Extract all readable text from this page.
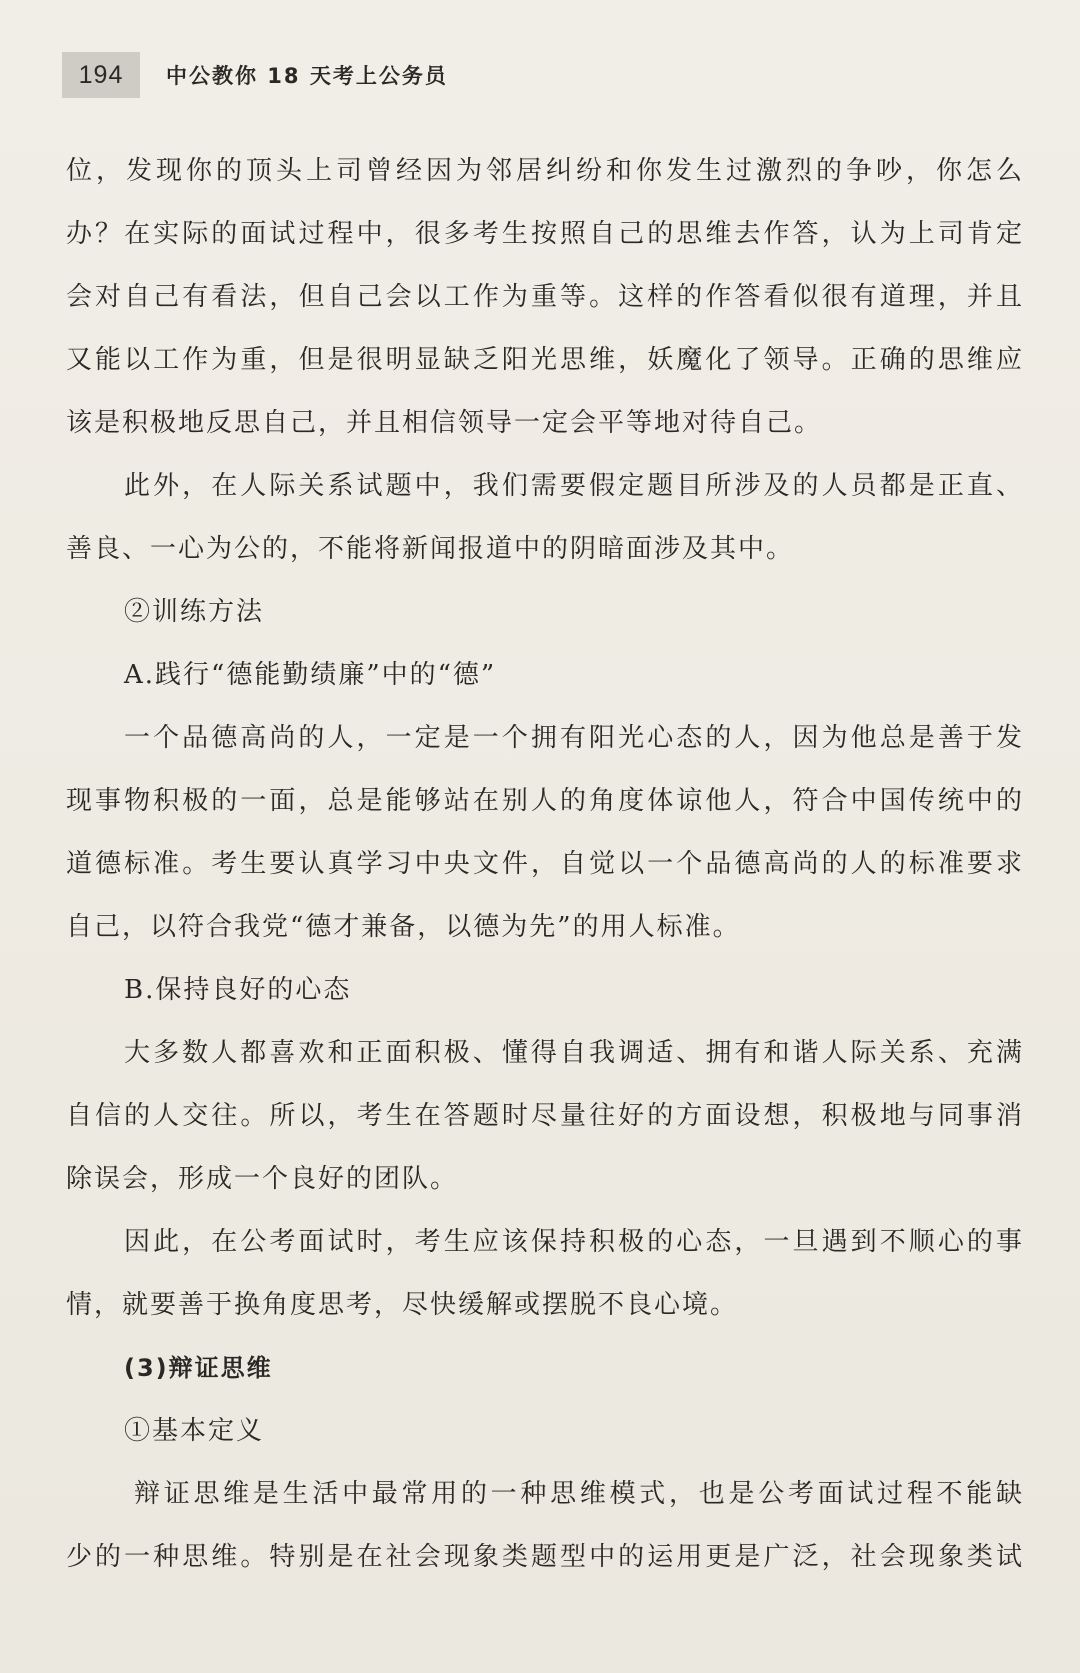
194	中公教你 18 天考上公务员
位，发现你的顶头上司曾经因为邻居纠纷和你发生过激烈的争吵，你怎么
办？在实际的面试过程中，很多考生按照自己的思维去作答，认为上司肯定
会对自己有看法，但自己会以工作为重等。这样的作答看似很有道理，并且
又能以工作为重，但是很明显缺乏阳光思维，妖魔化了领导。正确的思维应
该是积极地反思自己，并且相信领导一定会平等地对待自己。
此外，在人际关系试题中，我们需要假定题目所涉及的人员都是正直、
善良、一心为公的，不能将新闻报道中的阴暗面涉及其中。
②训练方法
A.践行“德能勤绩廉”中的“德”
一个品德高尚的人，一定是一个拥有阳光心态的人，因为他总是善于发
现事物积极的一面，总是能够站在别人的角度体谅他人，符合中国传统中的
道德标准。考生要认真学习中央文件，自觉以一个品德高尚的人的标准要求
自己，以符合我党“德才兼备，以德为先”的用人标准。
B.保持良好的心态
大多数人都喜欢和正面积极、懂得自我调适、拥有和谐人际关系、充满
自信的人交往。所以，考生在答题时尽量往好的方面设想，积极地与同事消
除误会，形成一个良好的团队。
因此，在公考面试时，考生应该保持积极的心态，一旦遇到不顺心的事
情，就要善于换角度思考，尽快缓解或摆脱不良心境。
(3)辩证思维
①基本定义
辩证思维是生活中最常用的一种思维模式，也是公考面试过程不能缺
少的一种思维。特别是在社会现象类题型中的运用更是广泛，社会现象类试
